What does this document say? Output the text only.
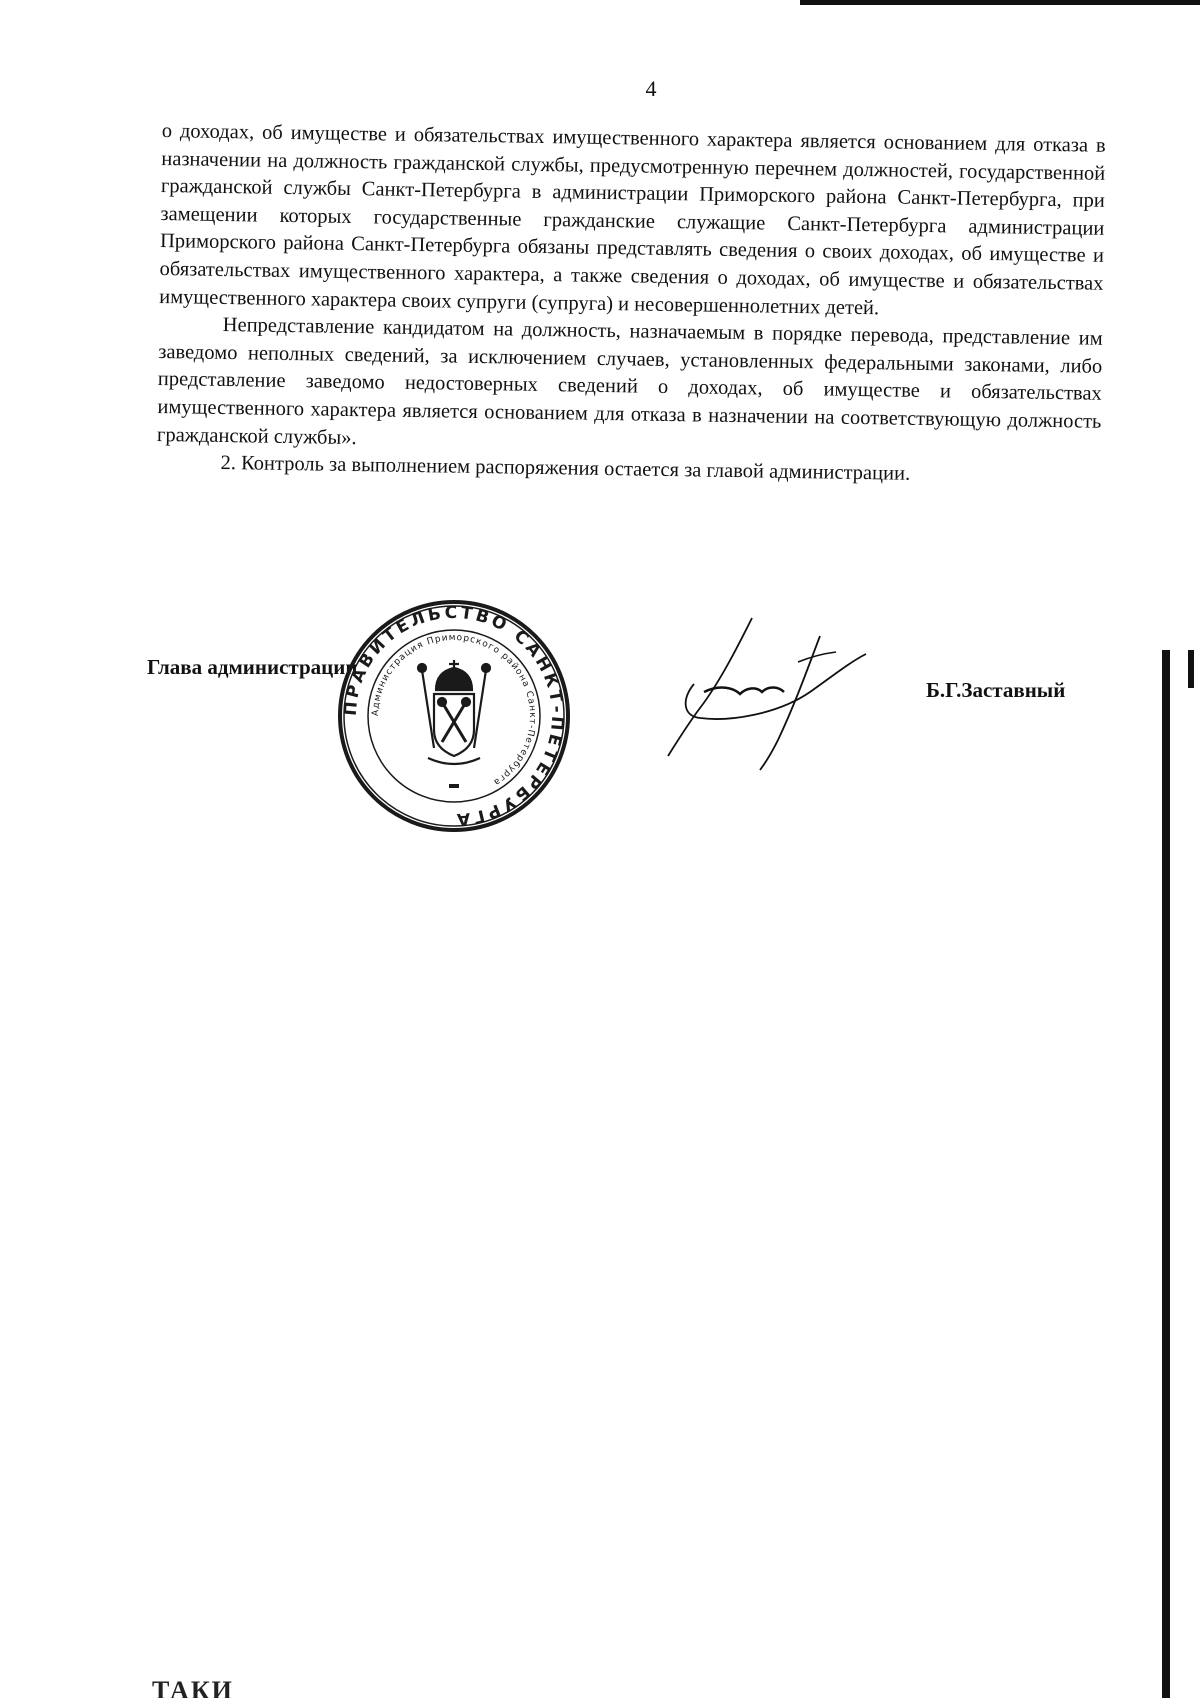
4

о доходах, об имуществе и обязательствах имущественного характера является основанием для отказа в назначении на должность гражданской службы, предусмотренную перечнем должностей, государственной гражданской службы Санкт-Петербурга в администрации Приморского района Санкт-Петербурга, при замещении которых государственные гражданские служащие Санкт-Петербурга администрации Приморского района Санкт-Петербурга обязаны представлять сведения о своих доходах, об имуществе и обязательствах имущественного характера, а также сведения о доходах, об имуществе и обязательствах имущественного характера своих супруги (супруга) и несовершеннолетних детей.

Непредставление кандидатом на должность, назначаемым в порядке перевода, представление им заведомо неполных сведений, за исключением случаев, установленных федеральными законами, либо представление заведомо недостоверных сведений о доходах, об имуществе и обязательствах имущественного характера является основанием для отказа в назначении на соответствующую должность гражданской службы».

2. Контроль за выполнением распоряжения остается за главой администрации.

Глава администрации
ПРАВИТЕЛЬСТВО САНКТ-ПЕТЕРБУРГА
Администрация Приморского района Санкт-Петербурга
Б.Г.Заставный
ТАКИ
